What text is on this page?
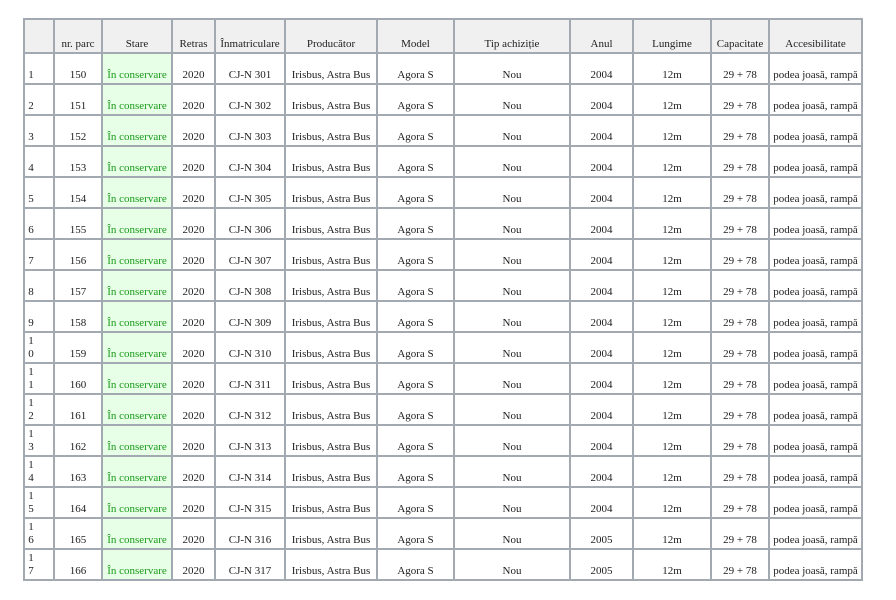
	nr. parc	Stare	Retras	Înmatriculare	Producător	Model	Tip achiziție	Anul	Lungime	Capacitate	Accesibilitate

1	150	În conservare	2020	CJ-N 301	Irisbus, Astra Bus	Agora S	Nou	2004	12m	29 + 78	podea joasă, rampă

2	151	În conservare	2020	CJ-N 302	Irisbus, Astra Bus	Agora S	Nou	2004	12m	29 + 78	podea joasă, rampă

3	152	În conservare	2020	CJ-N 303	Irisbus, Astra Bus	Agora S	Nou	2004	12m	29 + 78	podea joasă, rampă

4	153	În conservare	2020	CJ-N 304	Irisbus, Astra Bus	Agora S	Nou	2004	12m	29 + 78	podea joasă, rampă

5	154	În conservare	2020	CJ-N 305	Irisbus, Astra Bus	Agora S	Nou	2004	12m	29 + 78	podea joasă, rampă

6	155	În conservare	2020	CJ-N 306	Irisbus, Astra Bus	Agora S	Nou	2004	12m	29 + 78	podea joasă, rampă

7	156	În conservare	2020	CJ-N 307	Irisbus, Astra Bus	Agora S	Nou	2004	12m	29 + 78	podea joasă, rampă

8	157	În conservare	2020	CJ-N 308	Irisbus, Astra Bus	Agora S	Nou	2004	12m	29 + 78	podea joasă, rampă

9	158	În conservare	2020	CJ-N 309	Irisbus, Astra Bus	Agora S	Nou	2004	12m	29 + 78	podea joasă, rampă

10	159	În conservare	2020	CJ-N 310	Irisbus, Astra Bus	Agora S	Nou	2004	12m	29 + 78	podea joasă, rampă

11	160	În conservare	2020	CJ-N 311	Irisbus, Astra Bus	Agora S	Nou	2004	12m	29 + 78	podea joasă, rampă

12	161	În conservare	2020	CJ-N 312	Irisbus, Astra Bus	Agora S	Nou	2004	12m	29 + 78	podea joasă, rampă

13	162	În conservare	2020	CJ-N 313	Irisbus, Astra Bus	Agora S	Nou	2004	12m	29 + 78	podea joasă, rampă

14	163	În conservare	2020	CJ-N 314	Irisbus, Astra Bus	Agora S	Nou	2004	12m	29 + 78	podea joasă, rampă

15	164	În conservare	2020	CJ-N 315	Irisbus, Astra Bus	Agora S	Nou	2004	12m	29 + 78	podea joasă, rampă

16	165	În conservare	2020	CJ-N 316	Irisbus, Astra Bus	Agora S	Nou	2005	12m	29 + 78	podea joasă, rampă

17	166	În conservare	2020	CJ-N 317	Irisbus, Astra Bus	Agora S	Nou	2005	12m	29 + 78	podea joasă, rampă
